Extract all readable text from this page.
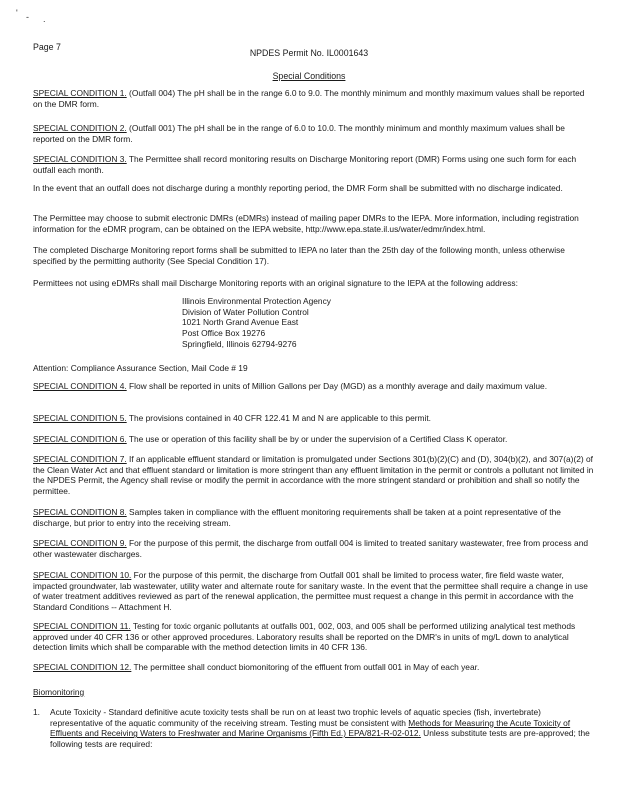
' - .
Page 7
NPDES Permit No. IL0001643
Special Conditions

SPECIAL CONDITION 1. (Outfall 004) The pH shall be in the range 6.0 to 9.0. The monthly minimum and monthly maximum values shall be reported on the DMR form.

SPECIAL CONDITION 2. (Outfall 001) The pH shall be in the range of 6.0 to 10.0. The monthly minimum and monthly maximum values shall be reported on the DMR form.

SPECIAL CONDITION 3. The Permittee shall record monitoring results on Discharge Monitoring report (DMR) Forms using one such form for each outfall each month.

In the event that an outfall does not discharge during a monthly reporting period, the DMR Form shall be submitted with no discharge indicated.

The Permittee may choose to submit electronic DMRs (eDMRs) instead of mailing paper DMRs to the IEPA. More information, including registration information for the eDMR program, can be obtained on the IEPA website, http://www.epa.state.il.us/water/edmr/index.html.

The completed Discharge Monitoring report forms shall be submitted to IEPA no later than the 25th day of the following month, unless otherwise specified by the permitting authority (See Special Condition 17).

Permittees not using eDMRs shall mail Discharge Monitoring reports with an original signature to the IEPA at the following address:

Illinois Environmental Protection Agency
Division of Water Pollution Control
1021 North Grand Avenue East
Post Office Box 19276
Springfield, Illinois 62794-9276

Attention: Compliance Assurance Section, Mail Code # 19

SPECIAL CONDITION 4. Flow shall be reported in units of Million Gallons per Day (MGD) as a monthly average and daily maximum value.

SPECIAL CONDITION 5. The provisions contained in 40 CFR 122.41 M and N are applicable to this permit.

SPECIAL CONDITION 6. The use or operation of this facility shall be by or under the supervision of a Certified Class K operator.

SPECIAL CONDITION 7. If an applicable effluent standard or limitation is promulgated under Sections 301(b)(2)(C) and (D), 304(b)(2), and 307(a)(2) of the Clean Water Act and that effluent standard or limitation is more stringent than any effluent limitation in the permit or controls a pollutant not limited in the NPDES Permit, the Agency shall revise or modify the permit in accordance with the more stringent standard or prohibition and shall so notify the permittee.

SPECIAL CONDITION 8. Samples taken in compliance with the effluent monitoring requirements shall be taken at a point representative of the discharge, but prior to entry into the receiving stream.

SPECIAL CONDITION 9. For the purpose of this permit, the discharge from outfall 004 is limited to treated sanitary wastewater, free from process and other wastewater discharges.

SPECIAL CONDITION 10. For the purpose of this permit, the discharge from Outfall 001 shall be limited to process water, fire field waste water, impacted groundwater, lab wastewater, utility water and alternate route for sanitary waste. In the event that the permittee shall require a change in use of water treatment additives reviewed as part of the renewal application, the permittee must request a change in this permit in accordance with the Standard Conditions -- Attachment H.

SPECIAL CONDITION 11. Testing for toxic organic pollutants at outfalls 001, 002, 003, and 005 shall be performed utilizing analytical test methods approved under 40 CFR 136 or other approved procedures. Laboratory results shall be reported on the DMR's in units of mg/L down to analytical detection limits which shall be comparable with the method detection limits in 40 CFR 136.

SPECIAL CONDITION 12. The permittee shall conduct biomonitoring of the effluent from outfall 001 in May of each year.

Biomonitoring

1. Acute Toxicity - Standard definitive acute toxicity tests shall be run on at least two trophic levels of aquatic species (fish, invertebrate) representative of the aquatic community of the receiving stream. Testing must be consistent with Methods for Measuring the Acute Toxicity of Effluents and Receiving Waters to Freshwater and Marine Organisms (Fifth Ed.) EPA/821-R-02-012. Unless substitute tests are pre-approved; the following tests are required:
